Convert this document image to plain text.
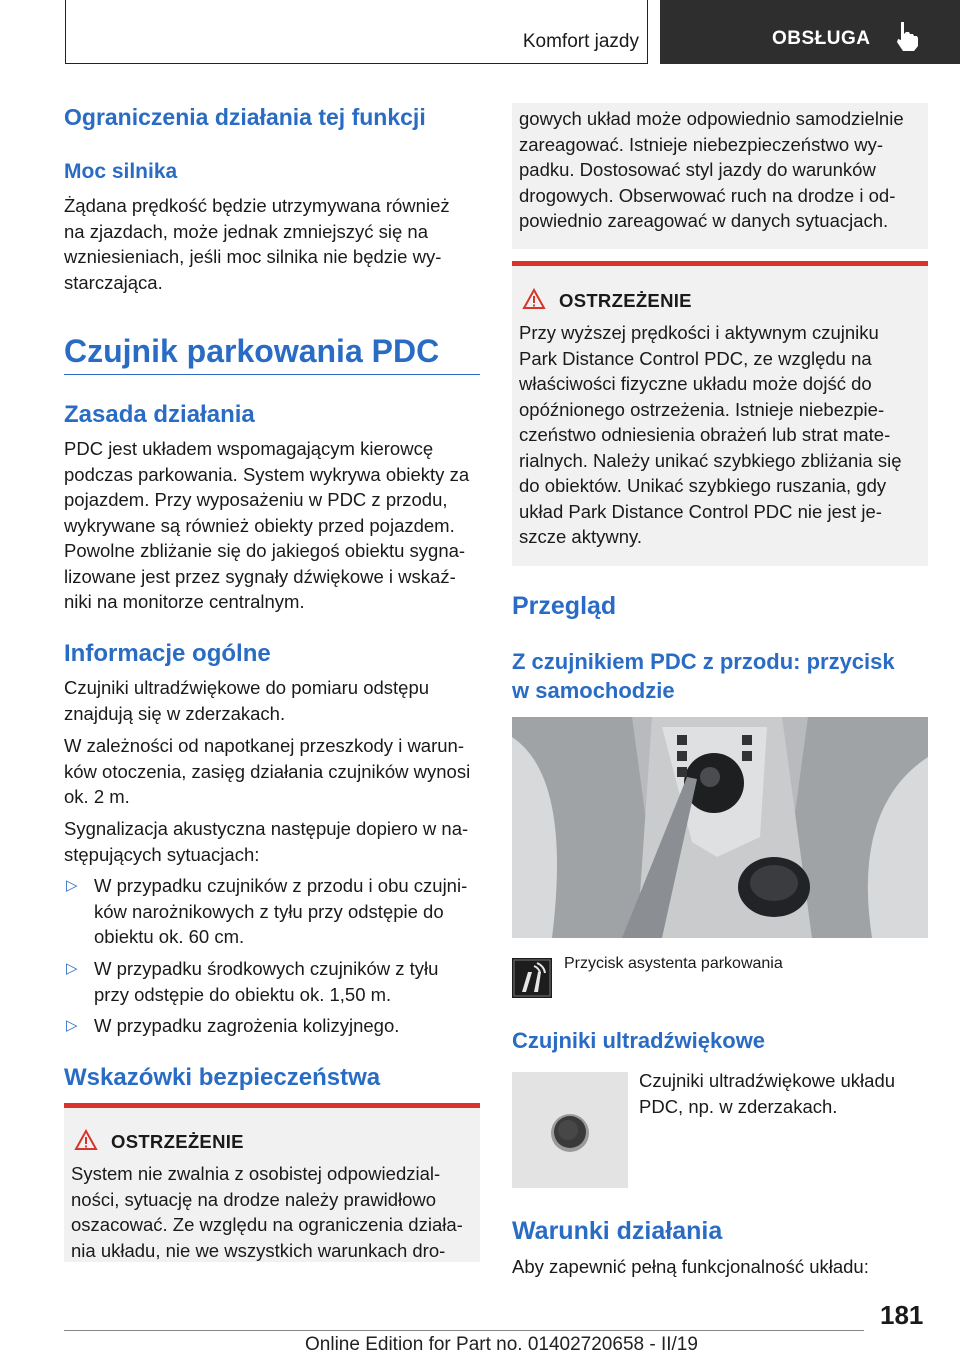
Komfort jazdy	OBSŁUGA
Ograniczenia działania tej funkcji
Moc silnika

Żądana prędkość będzie utrzymywana również

na zjazdach, może jednak zmniejszyć się na

wzniesieniach, jeśli moc silnika nie będzie wy-

starczająca.

Czujnik parkowania PDC
Zasada działania

PDC jest układem wspomagającym kierowcę

podczas parkowania. System wykrywa obiekty za

pojazdem. Przy wyposażeniu w PDC z przodu,

wykrywane są również obiekty przed pojazdem.

Powolne zbliżanie się do jakiegoś obiektu sygna-

lizowane jest przez sygnały dźwiękowe i wskaź-

niki na monitorze centralnym.

Informacje ogólne

Czujniki ultradźwiękowe do pomiaru odstępu

znajdują się w zderzakach.

W zależności od napotkanej przeszkody i warun-

ków otoczenia, zasięg działania czujników wynosi

ok. 2 m.

Sygnalizacja akustyczna następuje dopiero w na-

stępujących sytuacjach:

▷ W przypadku czujników z przodu i obu czujni-

ków narożnikowych z tyłu przy odstępie do

obiektu ok. 60 cm.

▷ W przypadku środkowych czujników z tyłu

przy odstępie do obiektu ok. 1,50 m.

▷ W przypadku zagrożenia kolizyjnego.

Wskazówki bezpieczeństwa
OSTRZEŻENIE

System nie zwalnia z osobistej odpowiedzial-

ności, sytuację na drodze należy prawidłowo

oszacować. Ze względu na ograniczenia działa-

nia układu, nie we wszystkich warunkach dro-

gowych układ może odpowiednio samodzielnie

zareagować. Istnieje niebezpieczeństwo wy-

padku. Dostosować styl jazdy do warunków

drogowych. Obserwować ruch na drodze i od-

powiednio zareagować w danych sytuacjach.

OSTRZEŻENIE

Przy wyższej prędkości i aktywnym czujniku

Park Distance Control PDC, ze względu na

właściwości fizyczne układu może dojść do

opóźnionego ostrzeżenia. Istnieje niebezpie-

czeństwo odniesienia obrażeń lub strat mate-

rialnych. Należy unikać szybkiego zbliżania się

do obiektów. Unikać szybkiego ruszania, gdy

układ Park Distance Control PDC nie jest je-

szcze aktywny.

Przegląd
Z czujnikiem PDC z przodu: przycisk
w samochodzie
Przycisk asystenta parkowania
Czujniki ultradźwiękowe

Czujniki ultradźwiękowe układu

PDC, np. w zderzakach.

Warunki działania

Aby zapewnić pełną funkcjonalność układu:

181
Online Edition for Part no. 01402720658 - II/19
